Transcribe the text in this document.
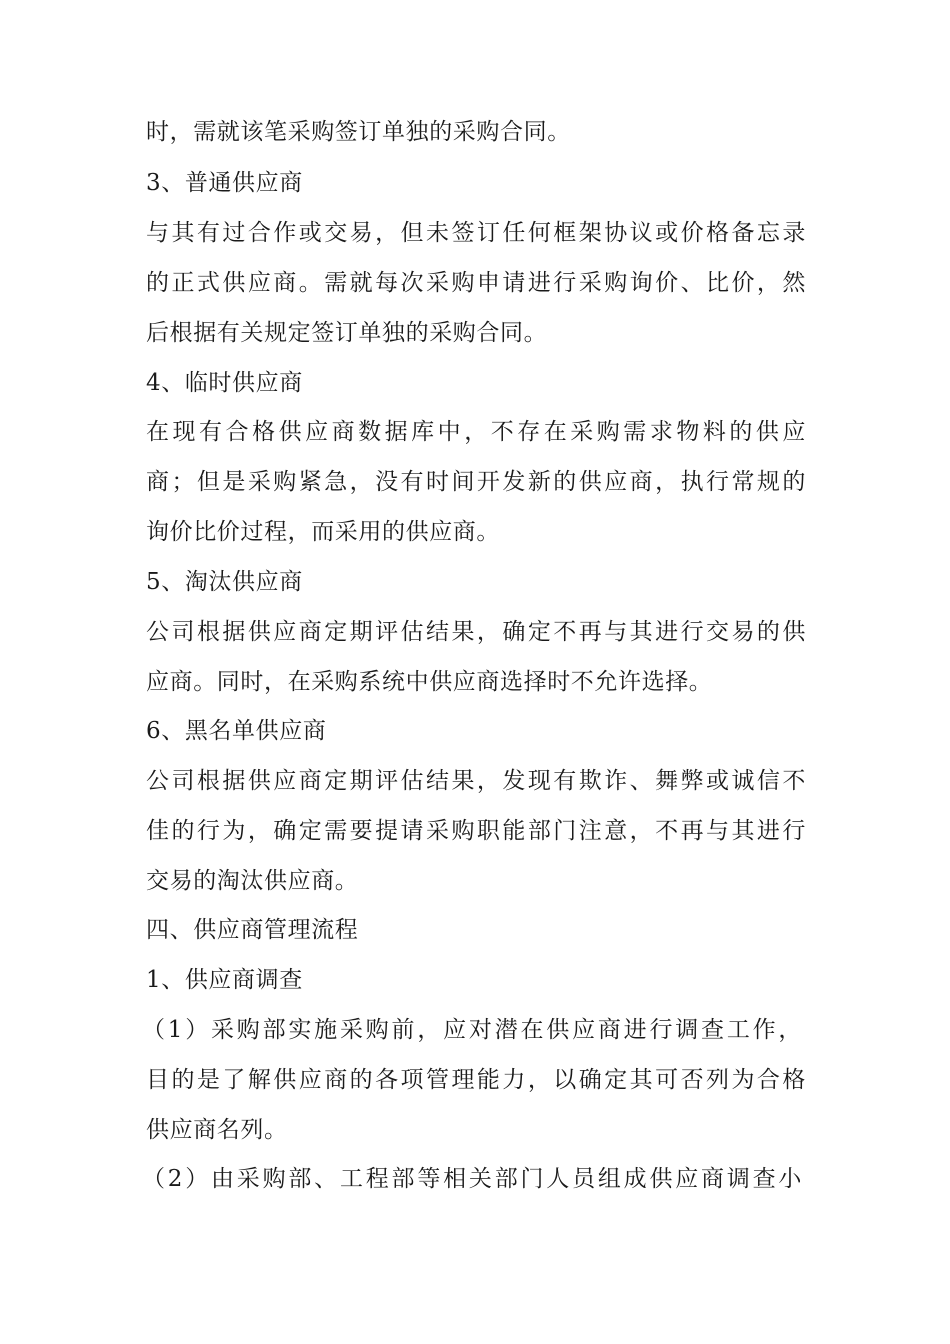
时，需就该笔采购签订单独的采购合同。
3、普通供应商
与其有过合作或交易，但未签订任何框架协议或价格备忘录
的正式供应商。需就每次采购申请进行采购询价、比价，然
后根据有关规定签订单独的采购合同。
4、临时供应商
在现有合格供应商数据库中，不存在采购需求物料的供应
商；但是采购紧急，没有时间开发新的供应商，执行常规的
询价比价过程，而采用的供应商。
5、淘汰供应商
公司根据供应商定期评估结果，确定不再与其进行交易的供
应商。同时，在采购系统中供应商选择时不允许选择。
6、黑名单供应商
公司根据供应商定期评估结果，发现有欺诈、舞弊或诚信不
佳的行为，确定需要提请采购职能部门注意，不再与其进行
交易的淘汰供应商。
四、供应商管理流程
1、供应商调查
（1）采购部实施采购前，应对潜在供应商进行调查工作，
目的是了解供应商的各项管理能力，以确定其可否列为合格
供应商名列。
（2）由采购部、工程部等相关部门人员组成供应商调查小
